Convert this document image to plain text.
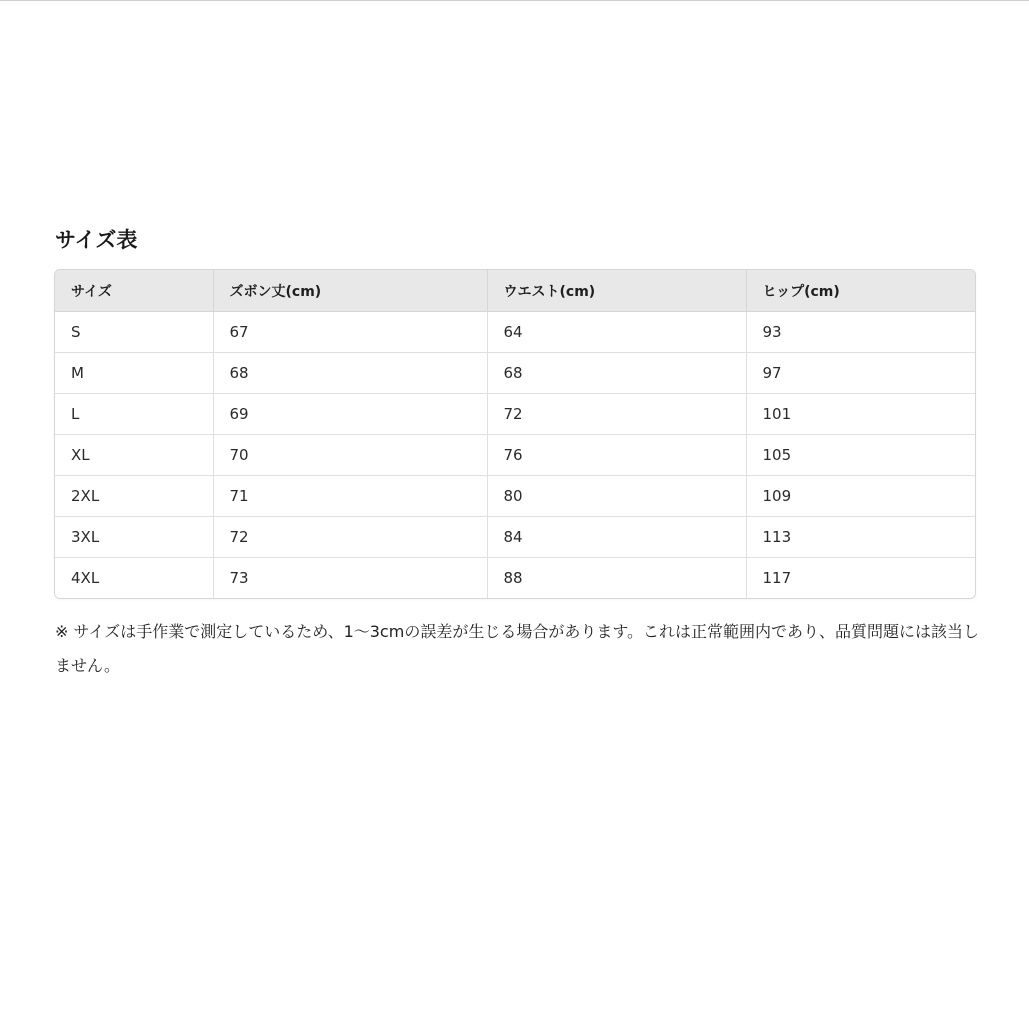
サイズ表
サイズ	ズボン丈(cm)	ウエスト(cm)	ヒップ(cm)
S	67	64	93
M	68	68	97
L	69	72	101
XL	70	76	105
2XL	71	80	109
3XL	72	84	113
4XL	73	88	117

※ サイズは手作業で測定しているため、1〜3cmの誤差が生じる場合があります。これは正常範囲内であり、品質問題には該当しません。
